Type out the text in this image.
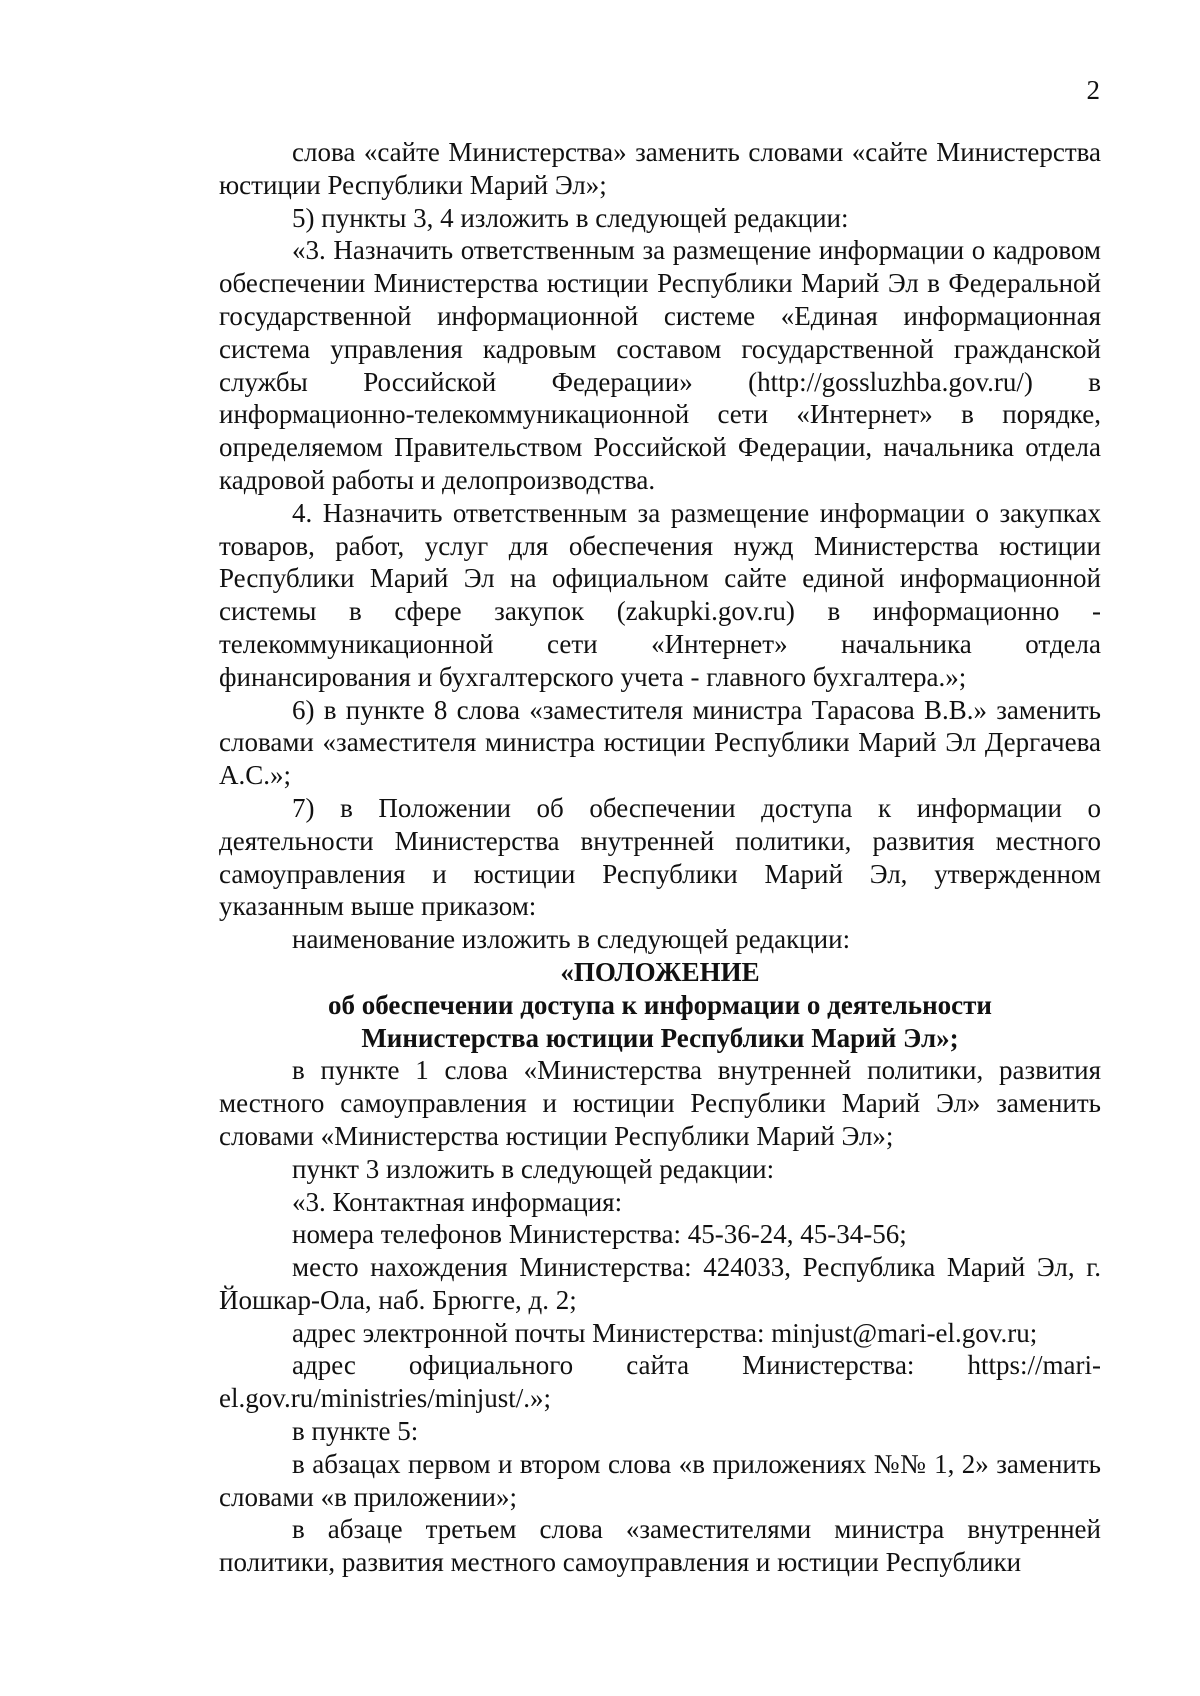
2

слова «сайте Министерства» заменить словами «сайте Министерства юстиции Республики Марий Эл»;

5) пункты 3, 4 изложить в следующей редакции:

«3. Назначить ответственным за размещение информации о кадровом обеспечении Министерства юстиции Республики Марий Эл в Федеральной государственной информационной системе «Единая информационная система управления кадровым составом государственной гражданской службы Российской Федерации» (http://gossluzhba.gov.ru/) в информационно-телекоммуникационной сети «Интернет» в порядке, определяемом Правительством Российской Федерации, начальника отдела кадровой работы и делопроизводства.

4. Назначить ответственным за размещение информации о закупках товаров, работ, услуг для обеспечения нужд Министерства юстиции Республики Марий Эл на официальном сайте единой информационной системы в сфере закупок (zakupki.gov.ru) в информационно - телекоммуникационной сети «Интернет» начальника отдела финансирования и бухгалтерского учета - главного бухгалтера.»;

6) в пункте 8 слова «заместителя министра Тарасова В.В.» заменить словами «заместителя министра юстиции Республики Марий Эл Дергачева А.С.»;

7) в Положении об обеспечении доступа к информации о деятельности Министерства внутренней политики, развития местного самоуправления и юстиции Республики Марий Эл, утвержденном указанным выше приказом:

наименование изложить в следующей редакции:

«ПОЛОЖЕНИЕ

об обеспечении доступа к информации о деятельности

Министерства юстиции Республики Марий Эл»;

в пункте 1 слова «Министерства внутренней политики, развития местного самоуправления и юстиции Республики Марий Эл» заменить словами «Министерства юстиции Республики Марий Эл»;

пункт 3 изложить в следующей редакции:

«3. Контактная информация:

номера телефонов Министерства: 45-36-24, 45-34-56;

место нахождения Министерства: 424033, Республика Марий Эл, г. Йошкар-Ола, наб. Брюгге, д. 2;

адрес электронной почты Министерства: minjust@mari-el.gov.ru;

адрес официального сайта Министерства: https://mari-el.gov.ru/ministries/minjust/.»;

в пункте 5:

в абзацах первом и втором слова «в приложениях №№ 1, 2» заменить словами «в приложении»;

в абзаце третьем слова «заместителями министра внутренней политики, развития местного самоуправления и юстиции Республики
